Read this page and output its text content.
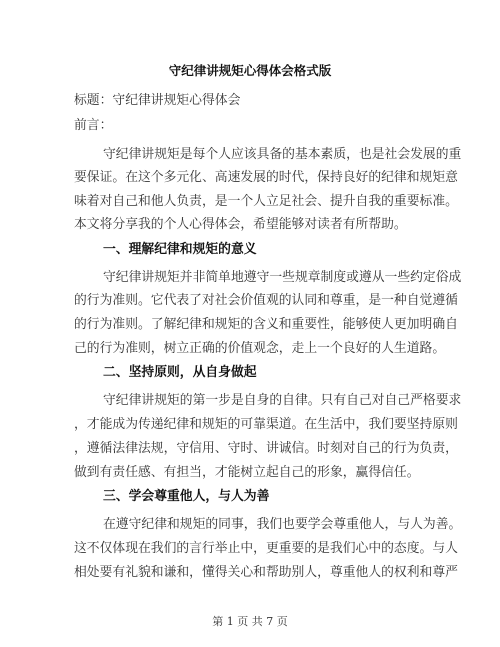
守纪律讲规矩心得体会格式版
标题：守纪律讲规矩心得体会
前言：
守纪律讲规矩是每个人应该具备的基本素质，也是社会发展的重
要保证。在这个多元化、高速发展的时代，保持良好的纪律和规矩意
味着对自己和他人负责，是一个人立足社会、提升自我的重要标准。
本文将分享我的个人心得体会，希望能够对读者有所帮助。
一、理解纪律和规矩的意义
守纪律讲规矩并非简单地遵守一些规章制度或遵从一些约定俗成
的行为准则。它代表了对社会价值观的认同和尊重，是一种自觉遵循
的行为准则。了解纪律和规矩的含义和重要性，能够使人更加明确自
己的行为准则，树立正确的价值观念，走上一个良好的人生道路。
二、坚持原则，从自身做起
守纪律讲规矩的第一步是自身的自律。只有自己对自己严格要求
，才能成为传递纪律和规矩的可靠渠道。在生活中，我们要坚持原则
，遵循法律法规，守信用、守时、讲诚信。时刻对自己的行为负责，
做到有责任感、有担当，才能树立起自己的形象，赢得信任。
三、学会尊重他人，与人为善
在遵守纪律和规矩的同事，我们也要学会尊重他人，与人为善。
这不仅体现在我们的言行举止中，更重要的是我们心中的态度。与人
相处要有礼貌和谦和，懂得关心和帮助别人，尊重他人的权利和尊严
第 1 页 共 7 页
